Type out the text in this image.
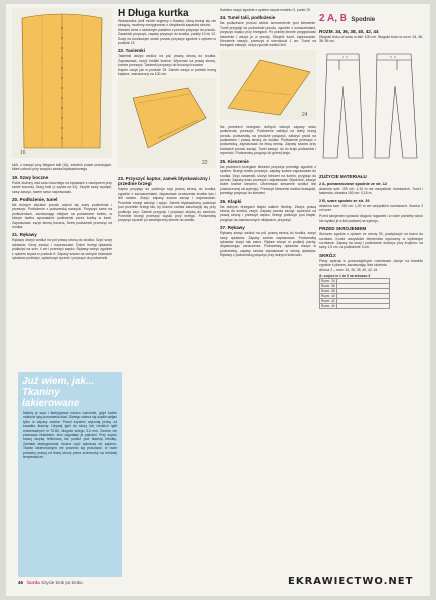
16

kich, z naszyć przy biegach talii (16), szkolnik prawe przodujące, które uzbroić przy wszyciu zamka błyskawicznego.

19. Szwy boczne

Połóż złożony nad szwu bocznego na rękawach z naszywem przy szwie bocznej. Zszyj boki (z szycia na 42). Zszyte szwy wycięte, szwy zaszyć, razem szwu rozprasować.

20. Podłożenie, tunel

Na dolnych cięciach przodu wykroi się szwy podłożenia i przeszyć. Podłożenie z podszewką naszycić. Przyszyć szew na podłożeniach, zaznaczając miejsce na podszewce tunelu, w którym trzeba wprowadzić podłożenie przez kurtkę w tunel. Zaprasować, zszyć stronę boczną. Szew podszewki przeszyć od środka.

21. Rękawy

Rękawy złożyć wzdłuż na pół prawą stroną do środka. Szyć szwy rękawów. Szwy zaszyć i rozprasować. Dolne brzegi rękawów podłożyć na szer. 4 cm i przeszyć wąsko. Rękawy wszyć zgodnie z opisem szycia w punkcie 8. Zapasy szwów na dolnych krańcach rękawów podłożyć, wykończyć ręcznie i przyszyć do podszewki.

Już wiem, jak...
Tkaniny lakierowane
Należy je szyć i fastrygować bardzo ostrożnie, gdyż każde nakłucie igłą pozostawia ślad. Dlatego zaleca się szpilki wbijać tylko w zapasy szwów. Przed szyciem wykonaj próbę na kawałku tkaniny. Używaj igieł do skóry lub cienkich igieł uniwersalnych nr 70-80, długość ściegu 3-4 mm. Szwów nie prasować żelazkiem, lecz zagniatać je palcami. Przy szyciu stosuj stopkę teflonową lub podłóż pod tkaninę bibułkę. Zamiast fastrygowania można użyć spinaczy do papieru. Tkanin lakierowanych nie powinno się prasować, w razie potrzeby prasuj od lewej strony przez ściereczkę na średniej temperaturze.
46 burda Szycie krok po kroku
H Długa kurtka

Wskazówka: jeśli model szyjemy z tkaniny, którą brzegi się nie strzępią, możemy zrezygnować z obrębiania zapasów szwów.

Kieszeń wraz z ozdobnym paskiem z przodu przyszyć do przodu. Zaszewki przyszyć, zapasy przyszyć do środka, punkty 10 do 12. Szwy na środkowym szwie przodu przyszyć zgodnie z opisem w punkcie 13.

22. Tasiemki

Tasiemki złożyć wzdłuż na pół, prawą stroną do środka. Zaprasować, zszyć krótkie krańce. Wywrócić na prawą stronę, krańce przeszyć. Tasiemki przyszyć do bocznych szwów.

Kaptur uszyć jak w punkcie 15. Zamek wszyć w przedni brzeg kaptura, zaznaczony na 100 cm.

22
23. Przyszyć kaptur, zamek błyskawiczny i przednie brzegi

Kaptur przypiąć do podkroju szyi prawą stroną do środka, zgodnie z zaznaczeniami, dopasować oznaczenia środka tyłu i linii ramion. Zszyć, zapasy szwów zaciąć i rozprasować. Przednie brzegi założyć i spiąć. Zamek błyskawiczny podłożyć pod przednie brzegi tak, by krańce zamka zakończyły się przy podkroju szyi. Zamek przypiąć i przyszyć stopką do zamków. Przednie brzegi przeszyć wąsko przy brzegu. Podszewkę przyszyć ręcznie po wewnętrznej stronie na zamku.

Kołnierz zszyć zgodnie z opisem szycia modelu G, punkt 19.

24. Tunel talii, podłożenie

Na podszewce przodu wkleić wzmocnienie pod kieszenie. Tunel przypiąć do podszewki przodu, zgodnie z oznaczeniami, przyszyć wąsko przy brzegach. Po prawej stronie przygotować kieszenie i wszyć je w przody. Obrąbić tunel, zaprasować. Kieszenie naszyć, przeszyć w szerokości 1 cm. Tunel na brzegach założyć, zszyć ręcznie wzdłuż linii.

24

Na przednich brzegach dolnych odszyć zapasy szwu podłożenia, przeszyć. Podłożenie założyć na dolny brzeg przodu, podszewkę na przodzie połączyć, założyć przód na podszewce i prawą stroną do środka. Podłożenie przeszyć z podszewką, zaprasować na lewą stronę. Zapasy szwów przy krańcach przodu zaciąć. Tunel zaszyć, aż do kraju podszewki i wywrócić. Podszewkę przypiąć do górnej kraju.

25. Kieszenie

Na przednich brzegach kieszeni przyszyć przestęp zgodnie z opisem. Brzegi tunelu przyszyć, zapasy szwów zaprasować do środka. Szyć zaszewki, ułożyć kieszeń na tunelu, przypiąć do przodu. Zapasy szwu przeszyć i zaprasować. Wywrócić, zaszyć dolne krańce kieszeni. Uformować kieszenie wzdłuż linii (zaznaczonej na wykroju). Przeszyć kieszenie wzdłuż krawędzi, przestęp przyszyć do kieszeni.

26. Klapki

Na dolnych brzegach klapki nakleić fizelinę. Złożyć prawą stroną do środka, zszyć. Zapasy szwów zaciąć, wywrócić na prawą stronę i przeszyć wąsko. Brzegi podłożyć pod klapki, przypiąć na zaznaczonych miejscach, przyszyć.

27. Rękawy

Rękawy złożyć wzdłuż na pół, prawą stroną do środka, zszyć szwy rękawów. Zapasy szwów zaprasować. Podszewkę rękawów zszyć tak samo. Rękaw wszyć w podkrój pachy, dopasowując oznaczenia. Podszewkę rękawów wszyć w podszewkę, zapasy szwów zaprasować w stronę rękawów. Rękawy z podszewką połączyć przy dolnych krańcach.

2 A, B Spodnie
ROZM. 34, 36, 38, 40, 42, 44

Długość boku od szwu w talii: 100 cm. Długość boku w rozm. 34, 36, 38: 96 cm.

ZUŻYCIE MATERIAŁU
2 A, pomarańczowe spodnie ze str. 12

dzianina szer. 150 cm: 1,10 m we wszystkich rozmiarach. Tunel i tasiemka, dzianina 150 cm: 0,15 m.

2 B, szare spodnie ze str. 29

dzianina szer. 150 cm: 1,00 m we wszystkich rozmiarach. Gumka 3 cm szer.

Przed skrojeniem sprawdź długość nogawek i w razie potrzeby skróć lub wydłuż je w linii podanej na wykroju.

PRZED SKROJENIEM

Wzorzec zgodnie z opisem ze strony 50, powiększyć na ksero do rozmiaru. Kontur wszystkich elementów wycinamy w wybranym rozmiarze. Zapasy na szwy i podłożenie doliczyć przy krojeniu: na szwy 1,5 cm, na podłożenie 3 cm.

SKRÓJ:

Plany wykroju w poszczególnych rozmiarach ułożyć na tkaninie zgodnie z planem, zaznaczając linie złożenia.

Arkusz 3 – rozm. 34, 36, 38, 40, 42, 44

A: części nr 1 do 5 na arkuszu 3
Rozm. 34	
Rozm. 36	
Rozm. 38	
Rozm. 40	
Rozm. 42	
Rozm. 44	
EKRAWIECTWO.NET
